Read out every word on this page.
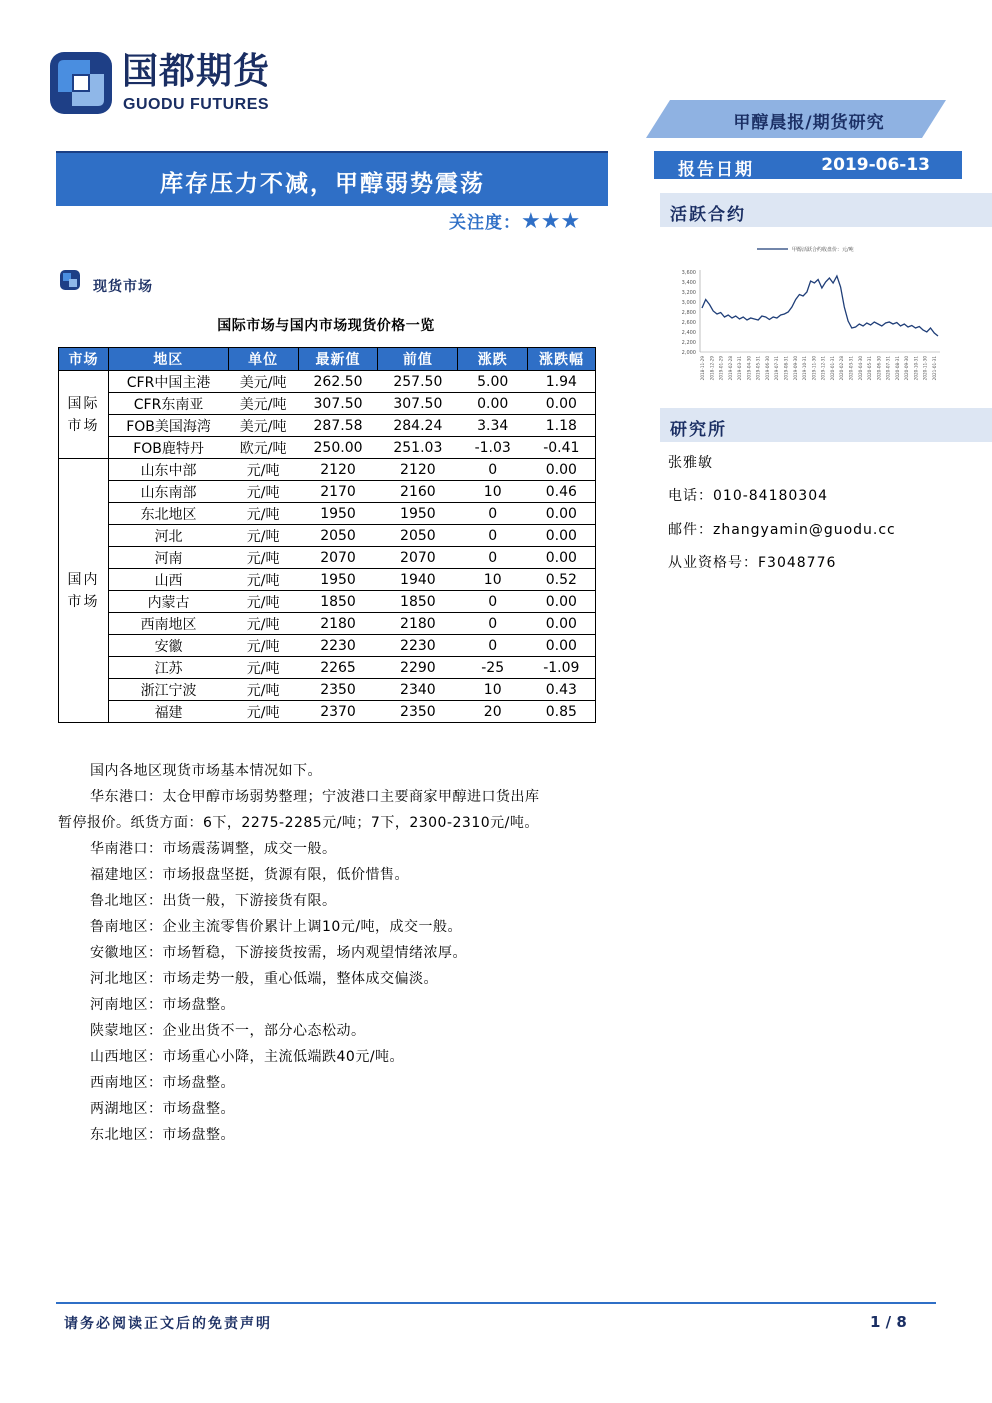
国都期货
GUODU FUTURES
甲醇晨报/期货研究
库存压力不减，甲醇弱势震荡
关注度：★★★
报告日期	2019-06-13
活跃合约
甲醇活跃合约收盘价：元/吨
3,600
3,400
3,200
3,000
2,800
2,600
2,400
2,200
2,000
2018-11-29 2018-12-29 2019-01-29 2019-02-28 2019-03-31 2019-04-30 2019-05-31 2019-06-30 2019-07-31 2019-08-31 2019-09-30 2019-10-31 2019-11-30 2019-12-31 2020-01-31 2020-02-28 2020-03-31 2020-04-30 2020-05-31 2020-06-30 2020-07-31 2020-08-31 2020-09-30 2020-10-31 2020-11-30 2021-01-31
研究所
张雅敏
电话：010-84180304
邮件：zhangyamin@guodu.cc
从业资格号：F3048776
现货市场
国际市场与国内市场现货价格一览
市场	地区	单位	最新值	前值	涨跌	涨跌幅

国际
市场	CFR中国主港	美元/吨	262.50	257.50	5.00	1.94
	CFR东南亚	美元/吨	307.50	307.50	0.00	0.00
	FOB美国海湾	美元/吨	287.58	284.24	3.34	1.18
	FOB鹿特丹	欧元/吨	250.00	251.03	-1.03	-0.41

国内
市场	山东中部	元/吨	2120	2120	0	0.00
	山东南部	元/吨	2170	2160	10	0.46
	东北地区	元/吨	1950	1950	0	0.00
	河北	元/吨	2050	2050	0	0.00
	河南	元/吨	2070	2070	0	0.00
	山西	元/吨	1950	1940	10	0.52
	内蒙古	元/吨	1850	1850	0	0.00
	西南地区	元/吨	2180	2180	0	0.00
	安徽	元/吨	2230	2230	0	0.00
	江苏	元/吨	2265	2290	-25	-1.09
	浙江宁波	元/吨	2350	2340	10	0.43
	福建	元/吨	2370	2350	20	0.85

国内各地区现货市场基本情况如下。

华东港口：太仓甲醇市场弱势整理；宁波港口主要商家甲醇进口货出库

暂停报价。纸货方面：6下，2275-2285元/吨；7下，2300-2310元/吨。

华南港口：市场震荡调整，成交一般。

福建地区：市场报盘坚挺，货源有限，低价惜售。

鲁北地区：出货一般，下游接货有限。

鲁南地区：企业主流零售价累计上调10元/吨，成交一般。

安徽地区：市场暂稳，下游接货按需，场内观望情绪浓厚。

河北地区：市场走势一般，重心低端，整体成交偏淡。

河南地区：市场盘整。

陕蒙地区：企业出货不一，部分心态松动。

山西地区：市场重心小降，主流低端跌40元/吨。

西南地区：市场盘整。

两湖地区：市场盘整。

东北地区：市场盘整。

请务必阅读正文后的免责声明	1 / 8
